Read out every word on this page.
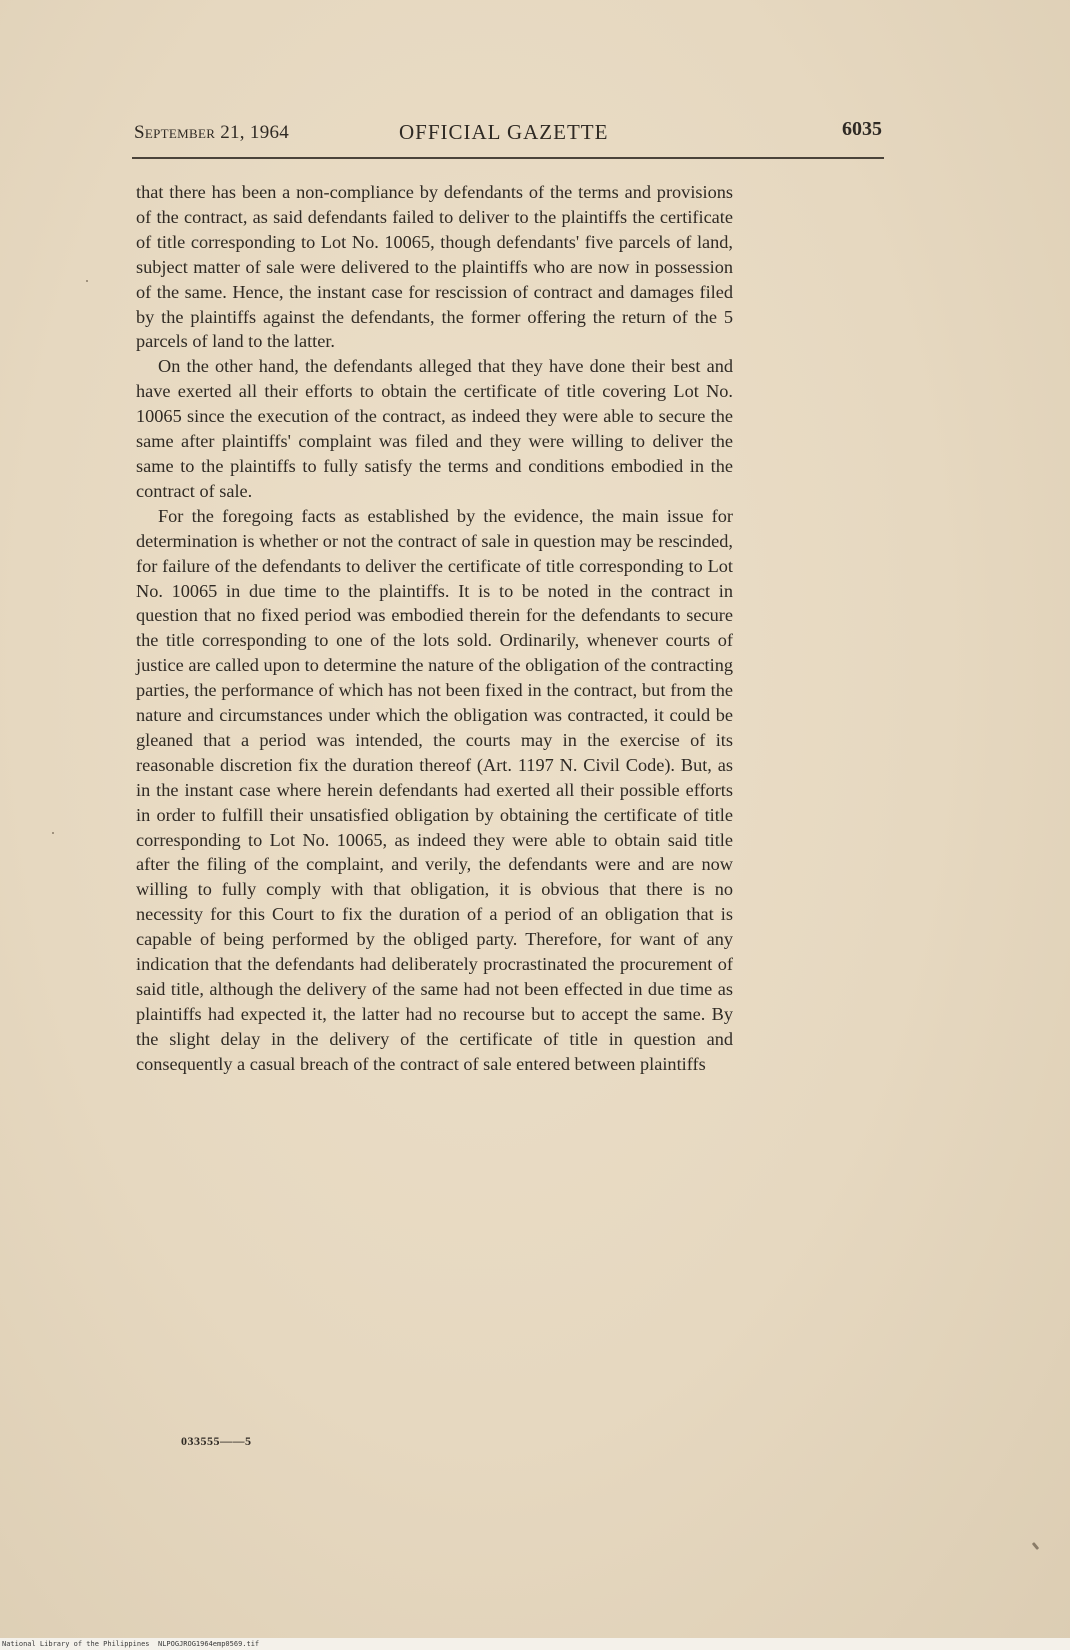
September 21, 1964	OFFICIAL GAZETTE	6035

that there has been a non-compliance by defendants of the terms and provisions of the contract, as said defendants failed to deliver to the plaintiffs the certificate of title corresponding to Lot No. 10065, though defendants' five parcels of land, subject matter of sale were delivered to the plaintiffs who are now in possession of the same. Hence, the instant case for rescission of contract and damages filed by the plaintiffs against the defendants, the former offering the return of the 5 parcels of land to the latter.

On the other hand, the defendants alleged that they have done their best and have exerted all their efforts to obtain the certificate of title covering Lot No. 10065 since the execution of the contract, as indeed they were able to secure the same after plaintiffs' complaint was filed and they were willing to deliver the same to the plaintiffs to fully satisfy the terms and conditions embodied in the contract of sale.

For the foregoing facts as established by the evidence, the main issue for determination is whether or not the contract of sale in question may be rescinded, for failure of the defendants to deliver the certificate of title corresponding to Lot No. 10065 in due time to the plaintiffs. It is to be noted in the contract in question that no fixed period was embodied therein for the defendants to secure the title corresponding to one of the lots sold. Ordinarily, whenever courts of justice are called upon to determine the nature of the obligation of the contracting parties, the performance of which has not been fixed in the contract, but from the nature and circumstances under which the obligation was contracted, it could be gleaned that a period was intended, the courts may in the exercise of its reasonable discretion fix the duration thereof (Art. 1197 N. Civil Code). But, as in the instant case where herein defendants had exerted all their possible efforts in order to fulfill their unsatisfied obligation by obtaining the certificate of title corresponding to Lot No. 10065, as indeed they were able to obtain said title after the filing of the complaint, and verily, the defendants were and are now willing to fully comply with that obligation, it is obvious that there is no necessity for this Court to fix the duration of a period of an obligation that is capable of being performed by the obliged party. Therefore, for want of any indication that the defendants had deliberately procrastinated the procurement of said title, although the delivery of the same had not been effected in due time as plaintiffs had expected it, the latter had no recourse but to accept the same. By the slight delay in the delivery of the certificate of title in question and consequently a casual breach of the contract of sale entered between plaintiffs

033555——5
National Library of the Philippines NLPOGJROG1964emp0569.tif
